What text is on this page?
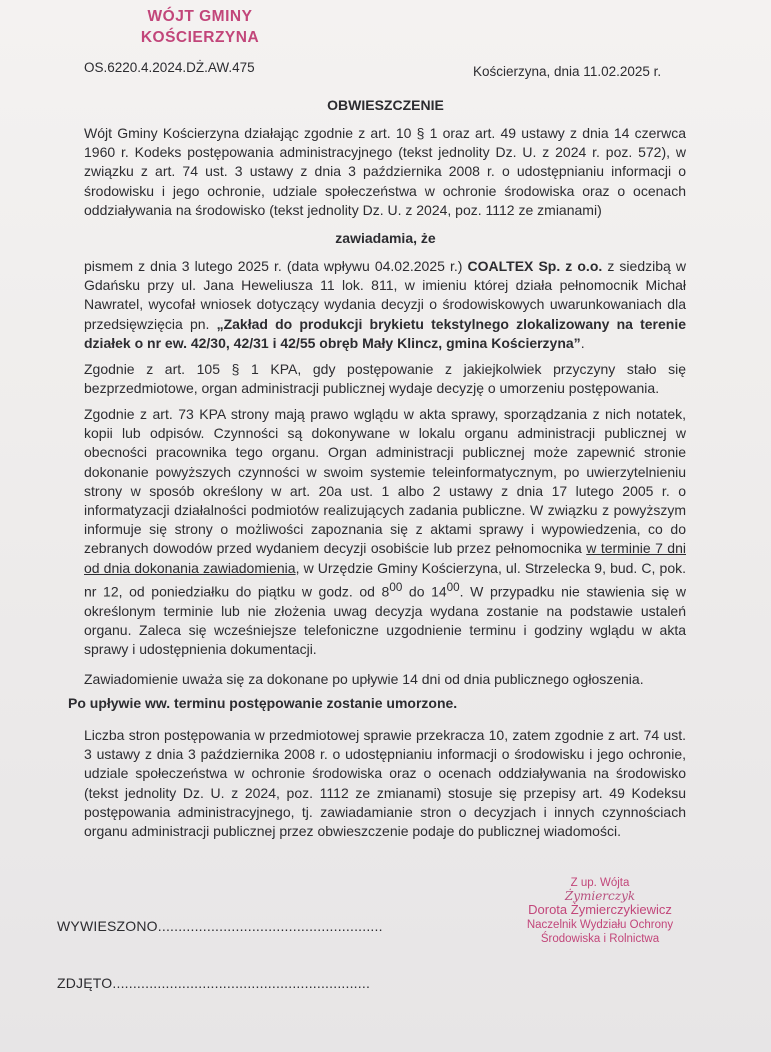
WÓJT GMINY
KOŚCIERZYNA
OS.6220.4.2024.DŻ.AW.475	Kościerzyna, dnia 11.02.2025 r.
OBWIESZCZENIE

Wójt Gminy Kościerzyna działając zgodnie z art. 10 § 1 oraz art. 49 ustawy z dnia 14 czerwca 1960 r. Kodeks postępowania administracyjnego (tekst jednolity Dz. U. z 2024 r. poz. 572), w związku z art. 74 ust. 3 ustawy z dnia 3 października 2008 r. o udostępnianiu informacji o środowisku i jego ochronie, udziale społeczeństwa w ochronie środowiska oraz o ocenach oddziaływania na środowisko (tekst jednolity Dz. U. z 2024, poz. 1112 ze zmianami)

zawiadamia, że

pismem z dnia 3 lutego 2025 r. (data wpływu 04.02.2025 r.) COALTEX Sp. z o.o. z siedzibą w Gdańsku przy ul. Jana Heweliusza 11 lok. 811, w imieniu której działa pełnomocnik Michał Nawratel, wycofał wniosek dotyczący wydania decyzji o środowiskowych uwarunkowaniach dla przedsięwzięcia pn. „Zakład do produkcji brykietu tekstylnego zlokalizowany na terenie działek o nr ew. 42/30, 42/31 i 42/55 obręb Mały Klincz, gmina Kościerzyna”.

Zgodnie z art. 105 § 1 KPA, gdy postępowanie z jakiejkolwiek przyczyny stało się bezprzedmiotowe, organ administracji publicznej wydaje decyzję o umorzeniu postępowania.

Zgodnie z art. 73 KPA strony mają prawo wglądu w akta sprawy, sporządzania z nich notatek, kopii lub odpisów. Czynności są dokonywane w lokalu organu administracji publicznej w obecności pracownika tego organu. Organ administracji publicznej może zapewnić stronie dokonanie powyższych czynności w swoim systemie teleinformatycznym, po uwierzytelnieniu strony w sposób określony w art. 20a ust. 1 albo 2 ustawy z dnia 17 lutego 2005 r. o informatyzacji działalności podmiotów realizujących zadania publiczne. W związku z powyższym informuje się strony o możliwości zapoznania się z aktami sprawy i wypowiedzenia, co do zebranych dowodów przed wydaniem decyzji osobiście lub przez pełnomocnika w terminie 7 dni od dnia dokonania zawiadomienia, w Urzędzie Gminy Kościerzyna, ul. Strzelecka 9, bud. C, pok. nr 12, od poniedziałku do piątku w godz. od $8^{00}$ do $14^{00}$. W przypadku nie stawienia się w określonym terminie lub nie złożenia uwag decyzja wydana zostanie na podstawie ustaleń organu. Zaleca się wcześniejsze telefoniczne uzgodnienie terminu i godziny wglądu w akta sprawy i udostępnienia dokumentacji.

Zawiadomienie uważa się za dokonane po upływie 14 dni od dnia publicznego ogłoszenia.

Po upływie ww. terminu postępowanie zostanie umorzone.

Liczba stron postępowania w przedmiotowej sprawie przekracza 10, zatem zgodnie z art. 74 ust. 3 ustawy z dnia 3 października 2008 r. o udostępnianiu informacji o środowisku i jego ochronie, udziale społeczeństwa w ochronie środowiska oraz o ocenach oddziaływania na środowisko (tekst jednolity Dz. U. z 2024, poz. 1112 ze zmianami) stosuje się przepisy art. 49 Kodeksu postępowania administracyjnego, tj. zawiadamianie stron o decyzjach i innych czynnościach organu administracji publicznej przez obwieszczenie podaje do publicznej wiadomości.

Z up. Wójta
Żymierczyk
Dorota Żymierczykiewicz
Naczelnik Wydziału Ochrony
Środowiska i Rolnictwa
WYWIESZONO.......................................................
ZDJĘTO...............................................................
